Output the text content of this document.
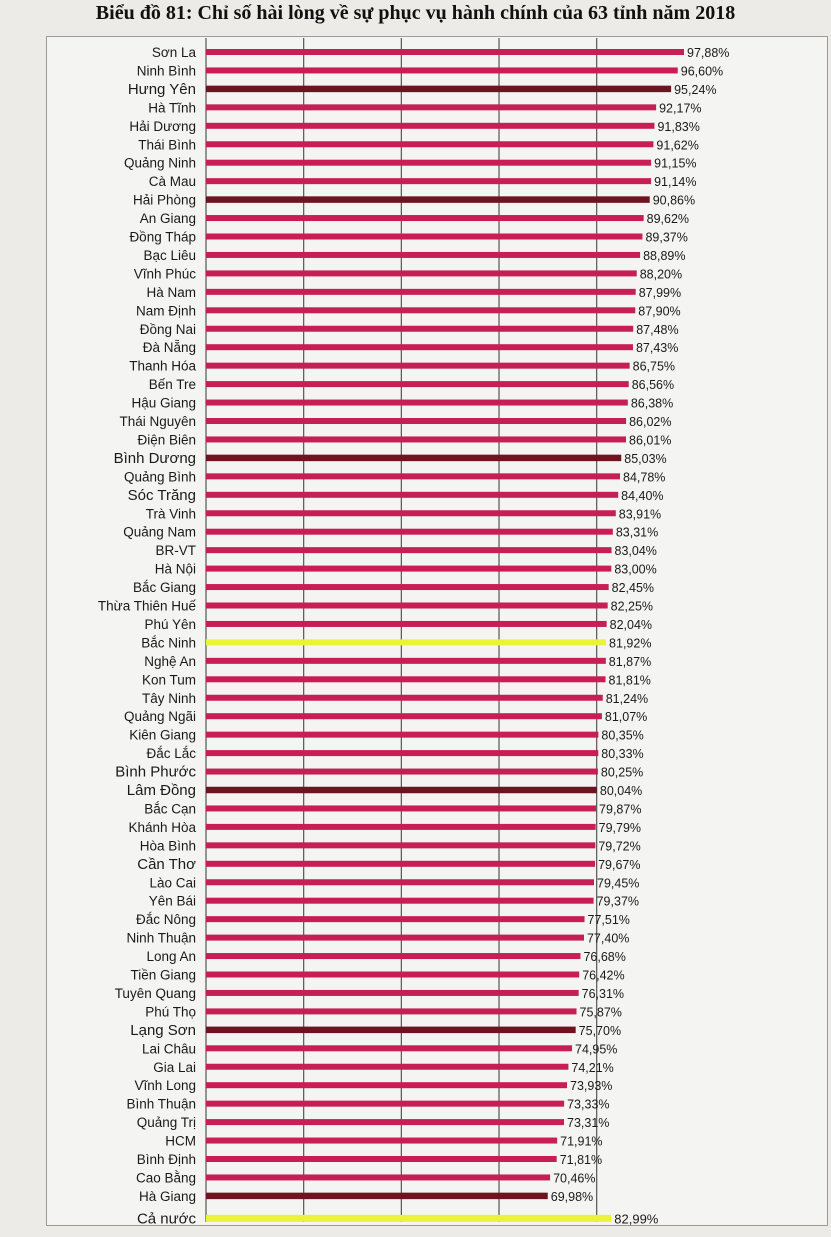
Biểu đồ 81: Chỉ số hài lòng về sự phục vụ hành chính của 63 tỉnh năm 2018
Sơn La
Ninh Bình
Hưng Yên
Hà Tĩnh
Hải Dương
Thái Bình
Quảng Ninh
Cà Mau
Hải Phòng
An Giang
Đồng Tháp
Bạc Liêu
Vĩnh Phúc
Hà Nam
Nam Định
Đồng Nai
Đà Nẵng
Thanh Hóa
Bến Tre
Hậu Giang
Thái Nguyên
Điện Biên
Bình Dương
Quảng Bình
Sóc Trăng
Trà Vinh
Quảng Nam
BR-VT
Hà Nội
Bắc Giang
Thừa Thiên Huế
Phú Yên
Bắc Ninh
Nghệ An
Kon Tum
Tây Ninh
Quảng Ngãi
Kiên Giang
Đắc Lắc
Bình Phước
Lâm Đồng
Bắc Cạn
Khánh Hòa
Hòa Bình
Cần Thơ
Lào Cai
Yên Bái
Đắc Nông
Ninh Thuận
Long An
Tiền Giang
Tuyên Quang
Phú Thọ
Lạng Sơn
Lai Châu
Gia Lai
Vĩnh Long
Bình Thuận
Quảng Trị
HCM
Bình Định
Cao Bằng
Hà Giang
Cả nước
97,88%
96,60%
95,24%
92,17%
91,83%
91,62%
91,15%
91,14%
90,86%
89,62%
89,37%
88,89%
88,20%
87,99%
87,90%
87,48%
87,43%
86,75%
86,56%
86,38%
86,02%
86,01%
85,03%
84,78%
84,40%
83,91%
83,31%
83,04%
83,00%
82,45%
82,25%
82,04%
81,92%
81,87%
81,81%
81,24%
81,07%
80,35%
80,33%
80,25%
80,04%
79,87%
79,79%
79,72%
79,67%
79,45%
79,37%
77,51%
77,40%
76,68%
76,42%
76,31%
75,87%
75,70%
74,95%
74,21%
73,93%
73,33%
73,31%
71,91%
71,81%
70,46%
69,98%
82,99%
